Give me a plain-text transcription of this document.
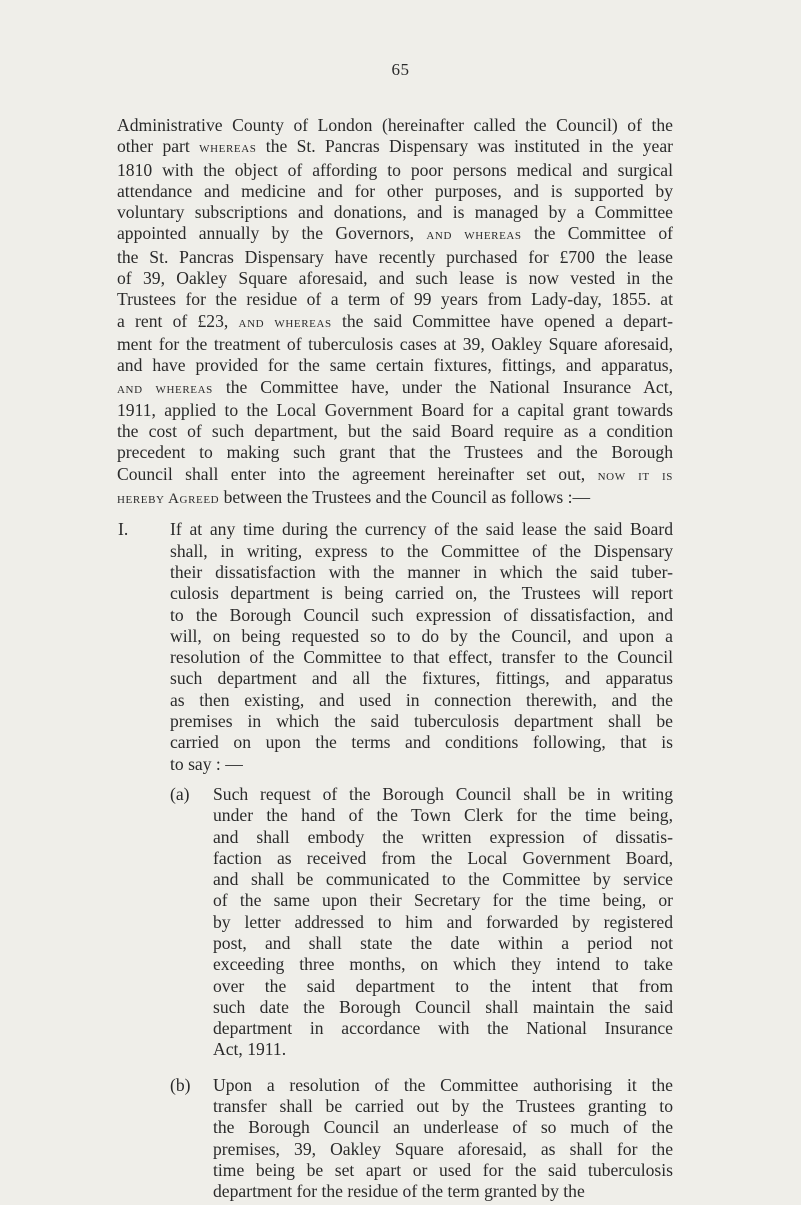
65

Administrative County of London (hereinafter called the Council) of the
other part whereas the St. Pancras Dispensary was instituted in the year
1810 with the object of affording to poor persons medical and surgical
attendance and medicine and for other purposes, and is supported by
voluntary subscriptions and donations, and is managed by a Committee
appointed annually by the Governors, and whereas the Committee of
the St. Pancras Dispensary have recently purchased for £700 the lease
of 39, Oakley Square aforesaid, and such lease is now vested in the
Trustees for the residue of a term of 99 years from Lady-day, 1855. at
a rent of £23, and whereas the said Committee have opened a depart-
ment for the treatment of tuberculosis cases at 39, Oakley Square aforesaid,
and have provided for the same certain fixtures, fittings, and apparatus,
and whereas the Committee have, under the National Insurance Act,
1911, applied to the Local Government Board for a capital grant towards
the cost of such department, but the said Board require as a condition
precedent to making such grant that the Trustees and the Borough
Council shall enter into the agreement hereinafter set out, now it is
hereby Agreed between the Trustees and the Council as follows :—

I. If at any time during the currency of the said lease the said Board
shall, in writing, express to the Committee of the Dispensary
their dissatisfaction with the manner in which the said tuber-
culosis department is being carried on, the Trustees will report
to the Borough Council such expression of dissatisfaction, and
will, on being requested so to do by the Council, and upon a
resolution of the Committee to that effect, transfer to the Council
such department and all the fixtures, fittings, and apparatus
as then existing, and used in connection therewith, and the
premises in which the said tuberculosis department shall be
carried on upon the terms and conditions following, that is
to say : —

(a) Such request of the Borough Council shall be in writing
under the hand of the Town Clerk for the time being,
and shall embody the written expression of dissatis-
faction as received from the Local Government Board,
and shall be communicated to the Committee by service
of the same upon their Secretary for the time being, or
by letter addressed to him and forwarded by registered
post, and shall state the date within a period not
exceeding three months, on which they intend to take
over the said department to the intent that from
such date the Borough Council shall maintain the said
department in accordance with the National Insurance
Act, 1911.

(b) Upon a resolution of the Committee authorising it the
transfer shall be carried out by the Trustees granting to
the Borough Council an underlease of so much of the
premises, 39, Oakley Square aforesaid, as shall for the
time being be set apart or used for the said tuberculosis
department for the residue of the term granted by the
